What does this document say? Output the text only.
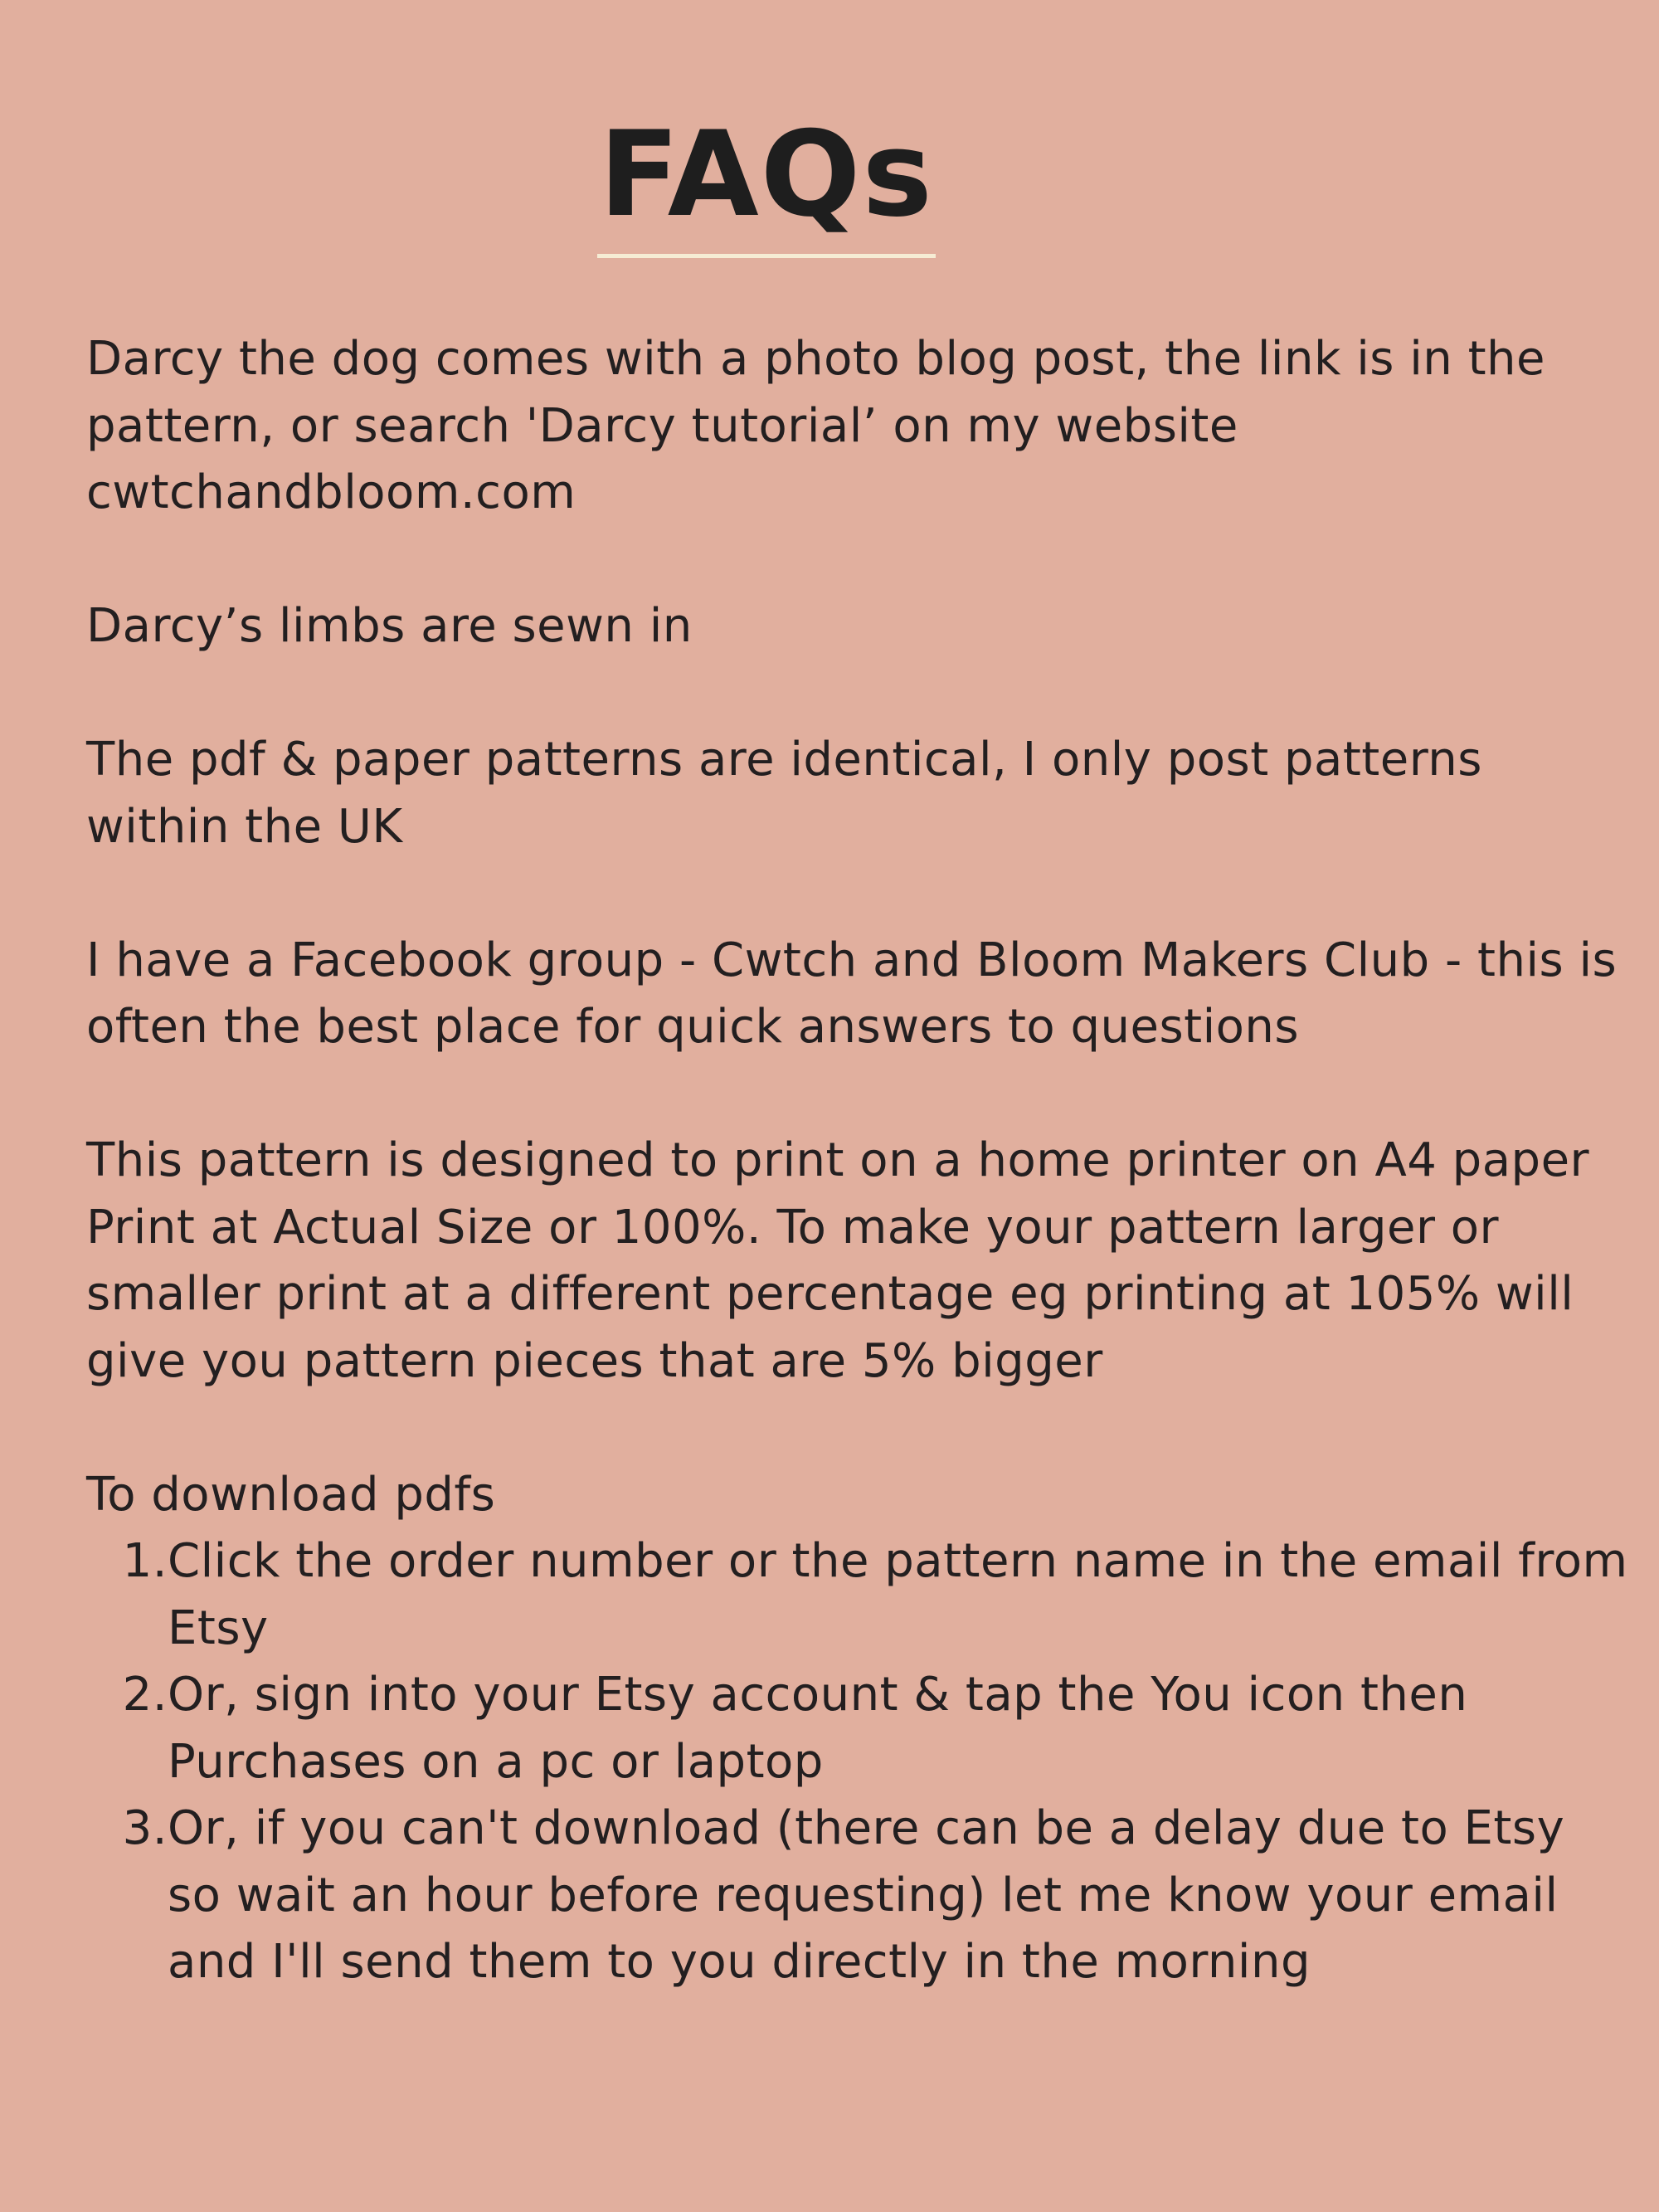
FAQs

Darcy the dog comes with a photo blog post, the link is in the pattern, or search 'Darcy tutorial’ on my website cwtchandbloom.com

Darcy’s limbs are sewn in

The pdf & paper patterns are identical, I only post patterns within the UK

I have a Facebook group - Cwtch and Bloom Makers Club - this is often the best place for quick answers to questions

This pattern is designed to print on a home printer on A4 paper Print at Actual Size or 100%. To make your pattern larger or smaller print at a different percentage eg printing at 105% will give you pattern pieces that are 5% bigger

To download pdfs

1. Click the order number or the pattern name in the email from Etsy
2. Or, sign into your Etsy account & tap the You icon then Purchases on a pc or laptop
3. Or, if you can't download (there can be a delay due to Etsy so wait an hour before requesting) let me know your email and I'll send them to you directly in the morning
